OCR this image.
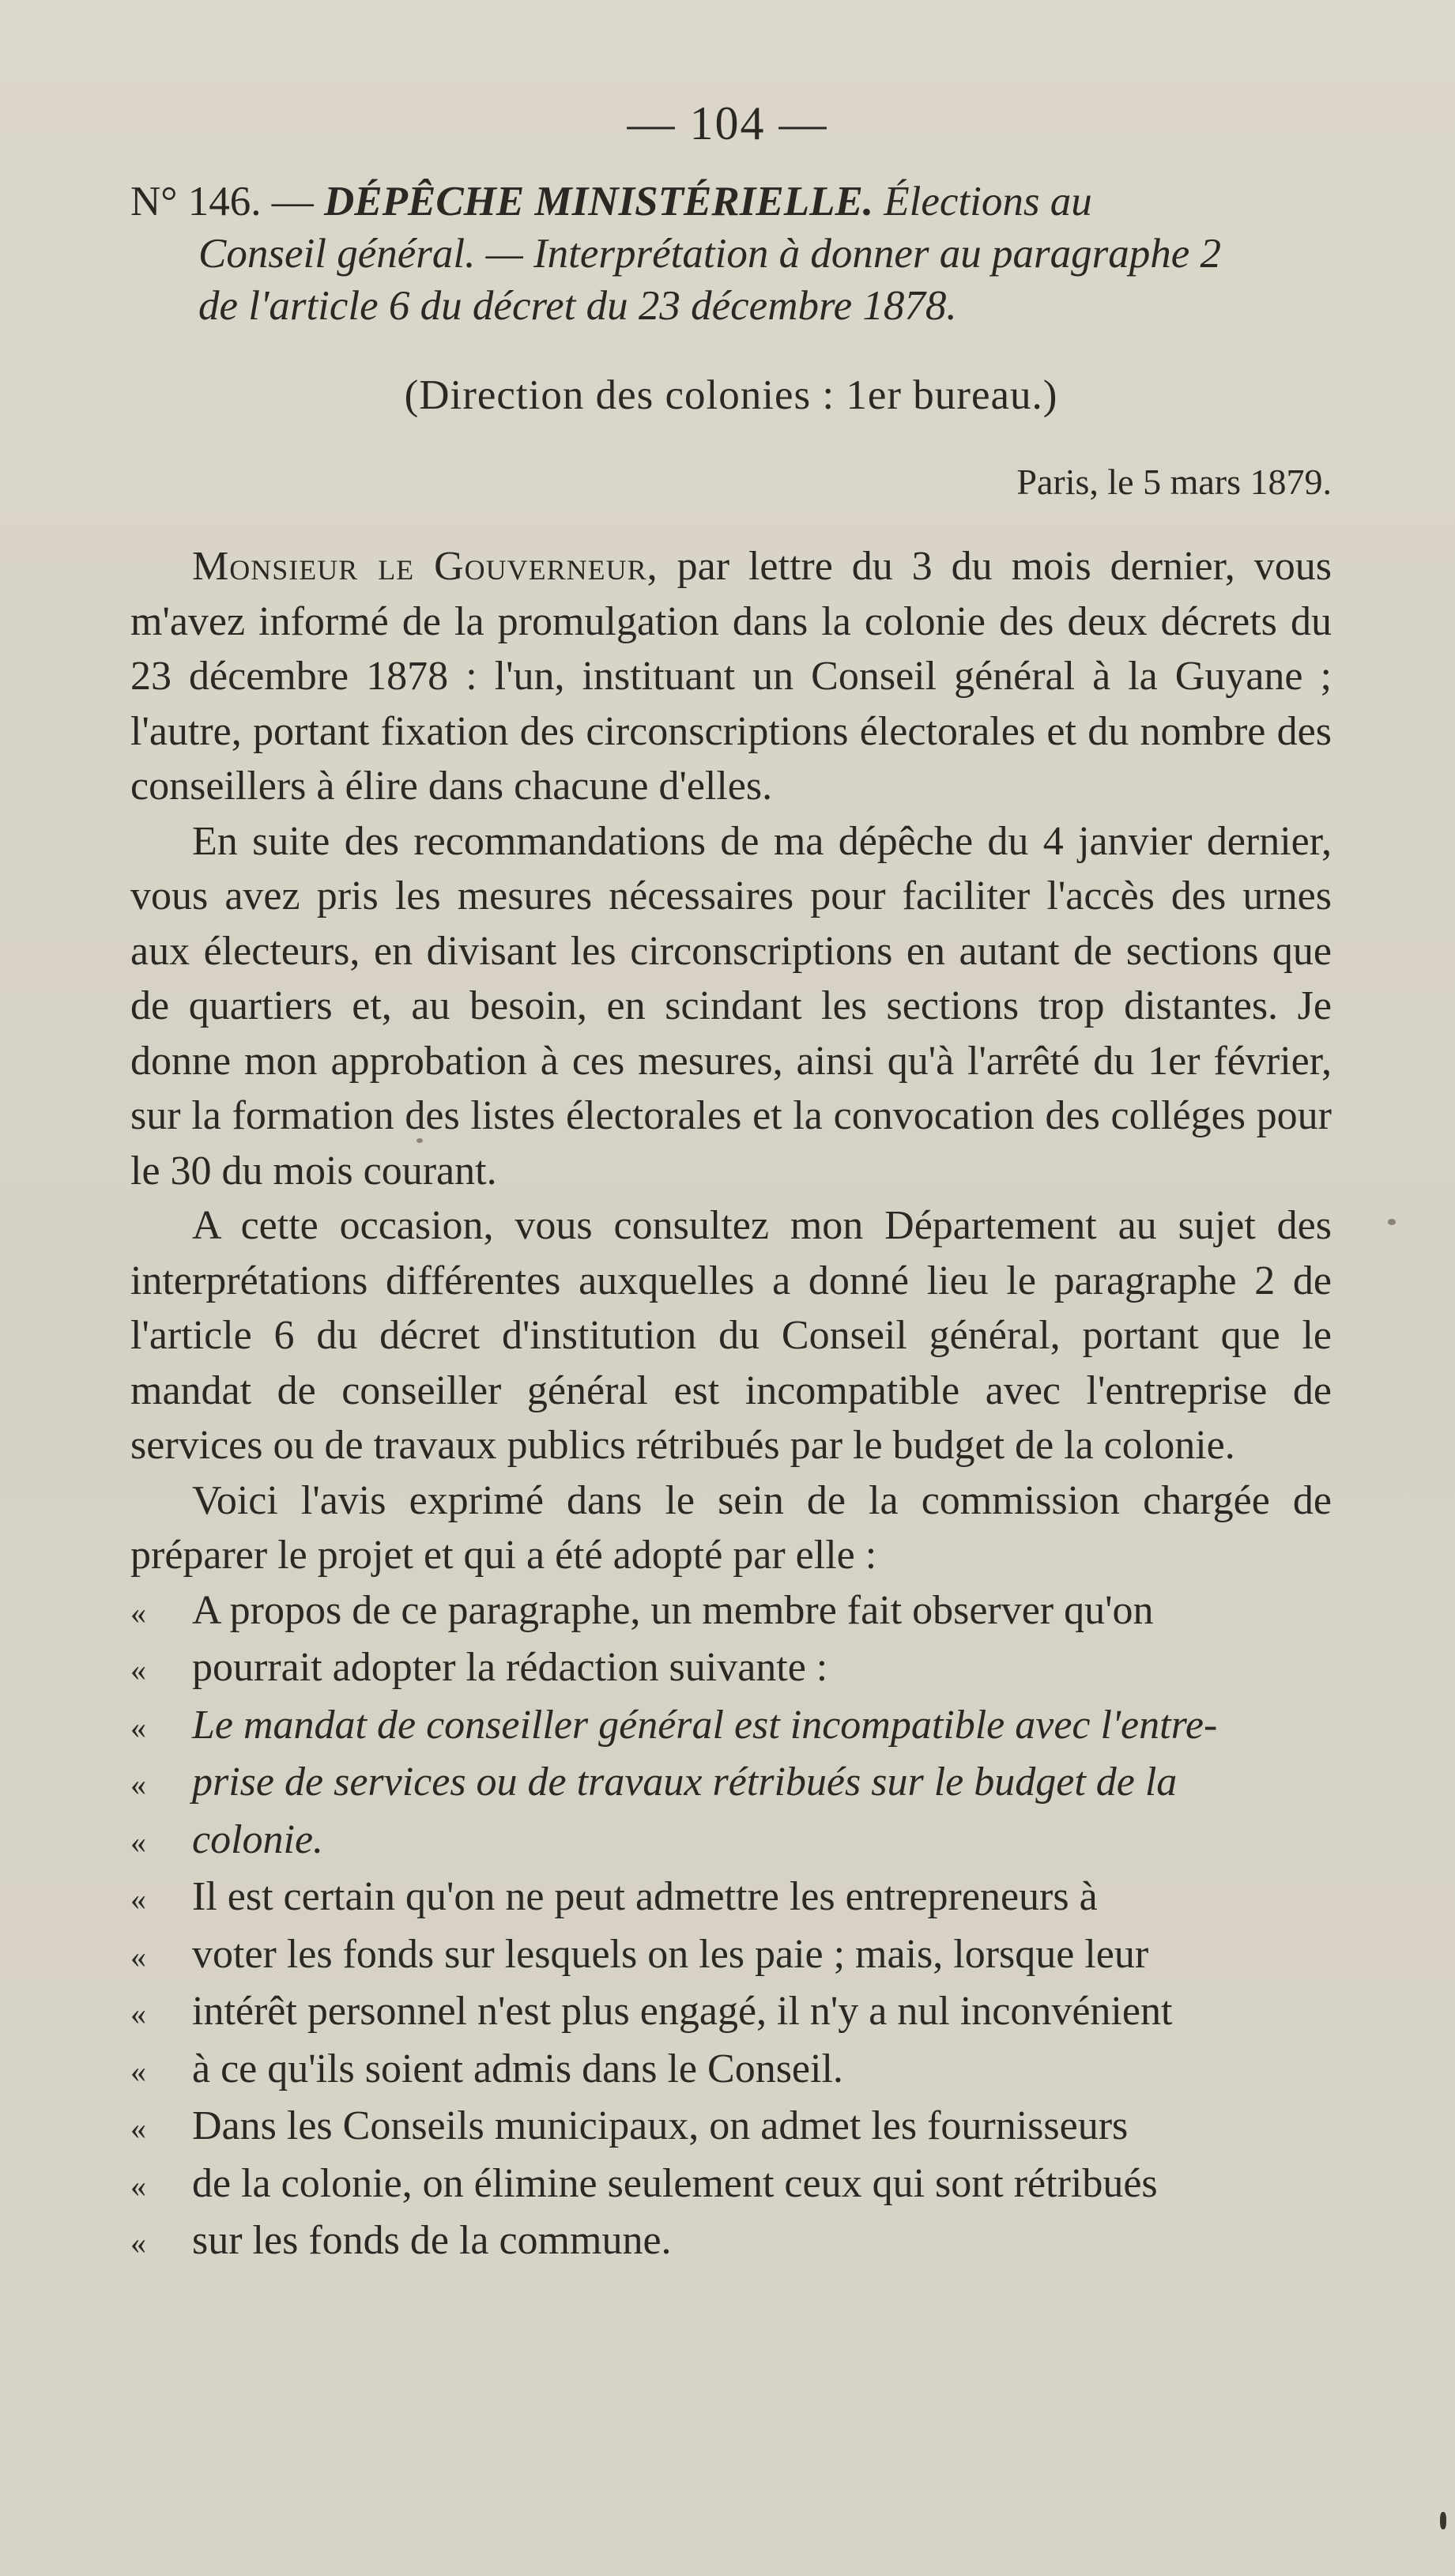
— 104 —
N° 146. — DÉPÊCHE MINISTÉRIELLE. Élections au
Conseil général. — Interprétation à donner au paragraphe 2
de l'article 6 du décret du 23 décembre 1878.
(Direction des colonies : 1er bureau.)
Paris, le 5 mars 1879.

Monsieur le Gouverneur, par lettre du 3 du mois dernier, vous m'avez informé de la promulgation dans la colonie des deux décrets du 23 décembre 1878 : l'un, instituant un Conseil général à la Guyane ; l'autre, portant fixation des circonscriptions électorales et du nombre des conseillers à élire dans chacune d'elles.

En suite des recommandations de ma dépêche du 4 janvier dernier, vous avez pris les mesures nécessaires pour faciliter l'accès des urnes aux électeurs, en divisant les circonscriptions en autant de sections que de quartiers et, au besoin, en scindant les sections trop distantes. Je donne mon approbation à ces mesures, ainsi qu'à l'arrêté du 1er février, sur la formation des listes électorales et la convocation des colléges pour le 30 du mois courant.

A cette occasion, vous consultez mon Département au sujet des interprétations différentes auxquelles a donné lieu le paragraphe 2 de l'article 6 du décret d'institution du Conseil général, portant que le mandat de conseiller général est incompatible avec l'entreprise de services ou de travaux publics rétribués par le budget de la colonie.

Voici l'avis exprimé dans le sein de la commission chargée de préparer le projet et qui a été adopté par elle :

« A propos de ce paragraphe, un membre fait observer qu'on

« pourrait adopter la rédaction suivante :

« Le mandat de conseiller général est incompatible avec l'entre-

« prise de services ou de travaux rétribués sur le budget de la

« colonie.

« Il est certain qu'on ne peut admettre les entrepreneurs à

« voter les fonds sur lesquels on les paie ; mais, lorsque leur

« intérêt personnel n'est plus engagé, il n'y a nul inconvénient

« à ce qu'ils soient admis dans le Conseil.

« Dans les Conseils municipaux, on admet les fournisseurs

« de la colonie, on élimine seulement ceux qui sont rétribués

« sur les fonds de la commune.
